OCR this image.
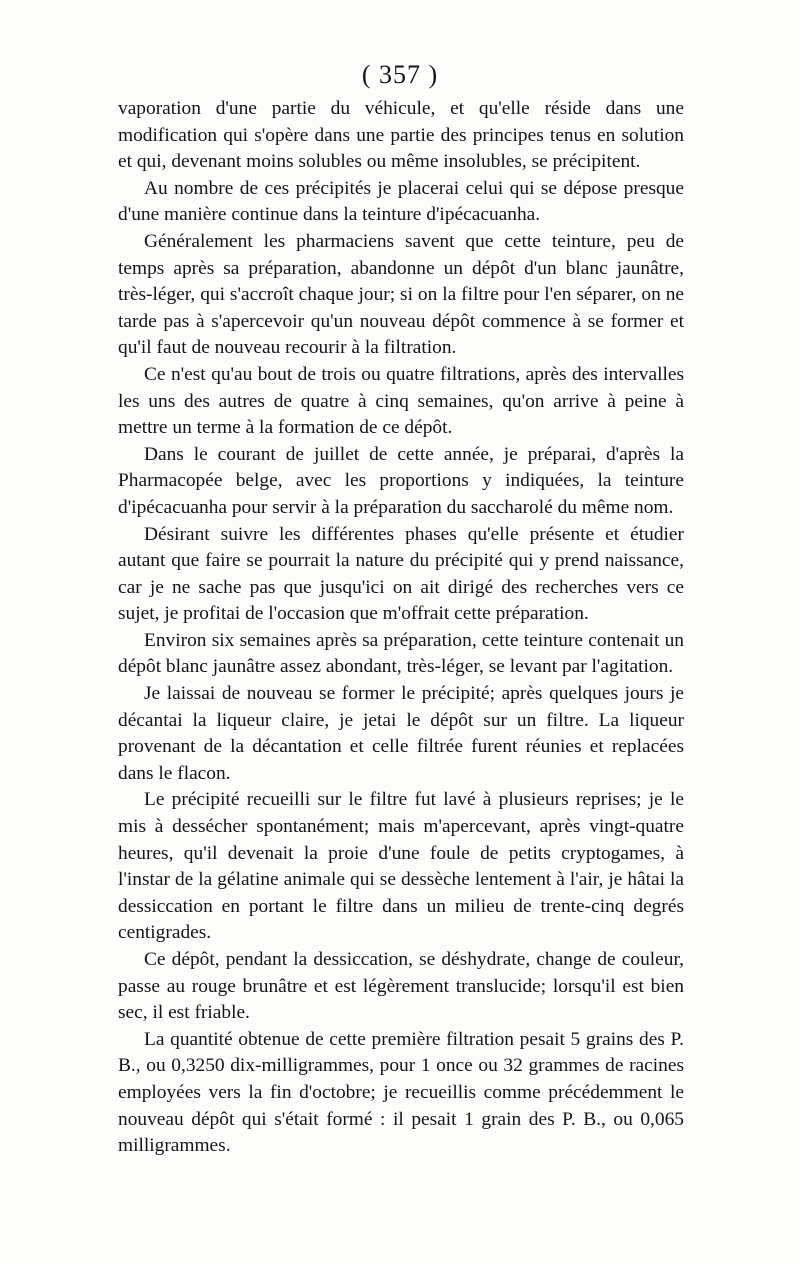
( 357 )

vaporation d'une partie du véhicule, et qu'elle réside dans une modification qui s'opère dans une partie des principes tenus en solution et qui, devenant moins solubles ou même insolubles, se précipitent.

Au nombre de ces précipités je placerai celui qui se dépose presque d'une manière continue dans la teinture d'ipécacuanha.

Généralement les pharmaciens savent que cette teinture, peu de temps après sa préparation, abandonne un dépôt d'un blanc jaunâtre, très-léger, qui s'accroît chaque jour; si on la filtre pour l'en séparer, on ne tarde pas à s'apercevoir qu'un nouveau dépôt commence à se former et qu'il faut de nouveau recourir à la filtration.

Ce n'est qu'au bout de trois ou quatre filtrations, après des intervalles les uns des autres de quatre à cinq semaines, qu'on arrive à peine à mettre un terme à la formation de ce dépôt.

Dans le courant de juillet de cette année, je préparai, d'après la Pharmacopée belge, avec les proportions y indiquées, la teinture d'ipécacuanha pour servir à la préparation du saccharolé du même nom.

Désirant suivre les différentes phases qu'elle présente et étudier autant que faire se pourrait la nature du précipité qui y prend naissance, car je ne sache pas que jusqu'ici on ait dirigé des recherches vers ce sujet, je profitai de l'occasion que m'offrait cette préparation.

Environ six semaines après sa préparation, cette teinture contenait un dépôt blanc jaunâtre assez abondant, très-léger, se levant par l'agitation.

Je laissai de nouveau se former le précipité; après quelques jours je décantai la liqueur claire, je jetai le dépôt sur un filtre. La liqueur provenant de la décantation et celle filtrée furent réunies et replacées dans le flacon.

Le précipité recueilli sur le filtre fut lavé à plusieurs reprises; je le mis à dessécher spontanément; mais m'apercevant, après vingt-quatre heures, qu'il devenait la proie d'une foule de petits cryptogames, à l'instar de la gélatine animale qui se dessèche lentement à l'air, je hâtai la dessiccation en portant le filtre dans un milieu de trente-cinq degrés centigrades.

Ce dépôt, pendant la dessiccation, se déshydrate, change de couleur, passe au rouge brunâtre et est légèrement translucide; lorsqu'il est bien sec, il est friable.

La quantité obtenue de cette première filtration pesait 5 grains des P. B., ou 0,3250 dix-milligrammes, pour 1 once ou 32 grammes de racines employées vers la fin d'octobre; je recueillis comme précédemment le nouveau dépôt qui s'était formé : il pesait 1 grain des P. B., ou 0,065 milligrammes.
